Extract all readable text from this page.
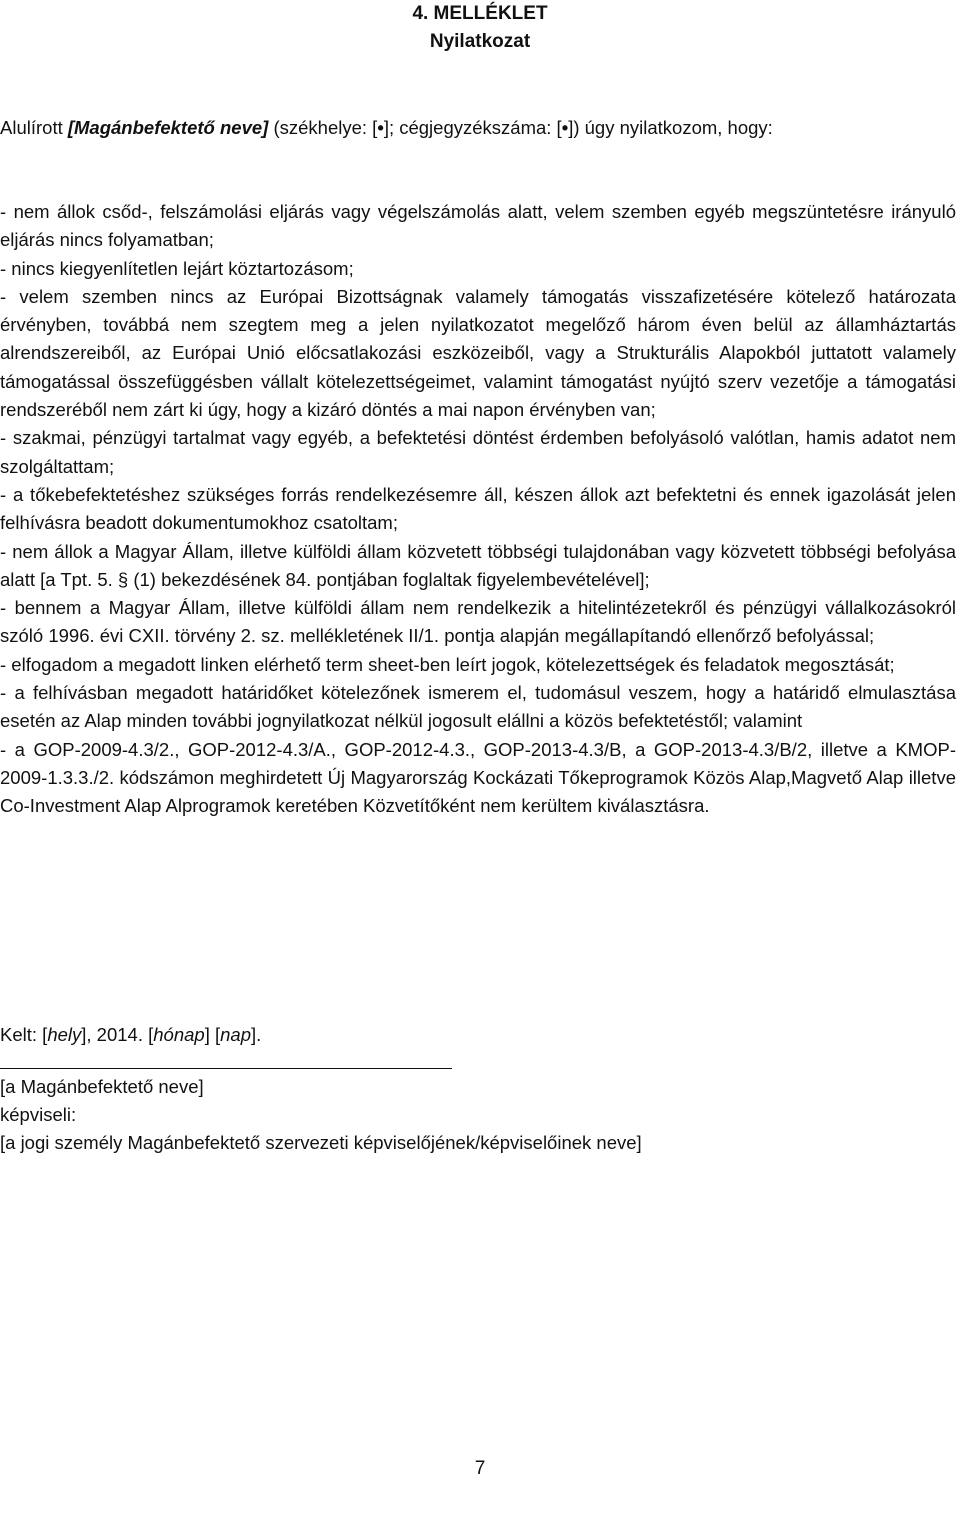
4. MELLÉKLET
Nyilatkozat
Alulírott [Magánbefektető neve] (székhelye: [•]; cégjegyzékszáma: [•]) úgy nyilatkozom, hogy:
- nem állok csőd-, felszámolási eljárás vagy végelszámolás alatt, velem szemben egyéb megszüntetésre irányuló eljárás nincs folyamatban;
- nincs kiegyenlítetlen lejárt köztartozásom;
- velem szemben nincs az Európai Bizottságnak valamely támogatás visszafizetésére kötelező határozata érvényben, továbbá nem szegtem meg a jelen nyilatkozatot megelőző három éven belül az államháztartás alrendszereiből, az Európai Unió előcsatlakozási eszközeiből, vagy a Strukturális Alapokból juttatott valamely támogatással összefüggésben vállalt kötelezettségeimet, valamint támogatást nyújtó szerv vezetője a támogatási rendszeréből nem zárt ki úgy, hogy a kizáró döntés a mai napon érvényben van;
- szakmai, pénzügyi tartalmat vagy egyéb, a befektetési döntést érdemben befolyásoló valótlan, hamis adatot nem szolgáltattam;
- a tőkebefektetéshez szükséges forrás rendelkezésemre áll, készen állok azt befektetni és ennek igazolását jelen felhívásra beadott dokumentumokhoz csatoltam;
- nem állok a Magyar Állam, illetve külföldi állam közvetett többségi tulajdonában vagy közvetett többségi befolyása alatt [a Tpt. 5. § (1) bekezdésének 84. pontjában foglaltak figyelembevételével];
- bennem a Magyar Állam, illetve külföldi állam nem rendelkezik a hitelintézetekről és pénzügyi vállalkozásokról szóló 1996. évi CXII. törvény 2. sz. mellékletének II/1. pontja alapján megállapítandó ellenőrző befolyással;
- elfogadom a megadott linken elérhető term sheet-ben leírt jogok, kötelezettségek és feladatok megosztását;
- a felhívásban megadott határidőket kötelezőnek ismerem el, tudomásul veszem, hogy a határidő elmulasztása esetén az Alap minden további jognyilatkozat nélkül jogosult elállni a közös befektetéstől; valamint
- a GOP-2009-4.3/2., GOP-2012-4.3/A., GOP-2012-4.3., GOP-2013-4.3/B, a GOP-2013-4.3/B/2, illetve a KMOP-2009-1.3.3./2. kódszámon meghirdetett Új Magyarország Kockázati Tőkeprogramok Közös Alap,Magvető Alap illetve Co-Investment Alap Alprogramok keretében Közvetítőként nem kerültem kiválasztásra.
Kelt: [hely], 2014. [hónap] [nap].
[a Magánbefektető neve]
képviseli:
[a jogi személy Magánbefektető szervezeti képviselőjének/képviselőinek neve]
7
